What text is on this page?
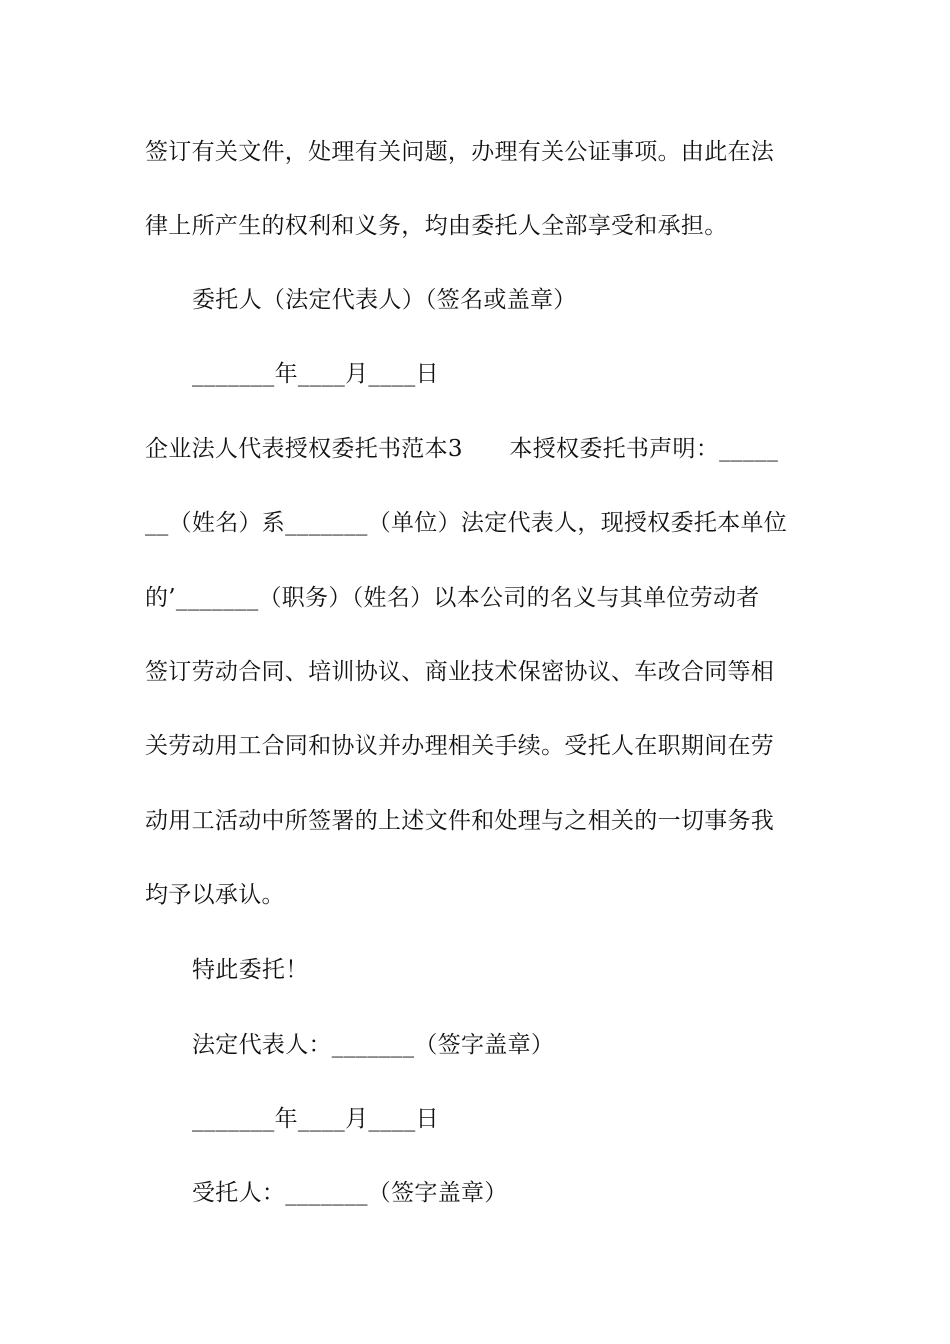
签订有关文件，处理有关问题，办理有关公证事项。由此在法
律上所产生的权利和义务，均由委托人全部享受和承担。
委托人（法定代表人）（签名或盖章）
_______年____月____日
企业法人代表授权委托书范本3　　本授权委托书声明：_____
__（姓名）系_______（单位）法定代表人，现授权委托本单位
的’_______（职务）（姓名）以本公司的名义与其单位劳动者
签订劳动合同、培训协议、商业技术保密协议、车改合同等相
关劳动用工合同和协议并办理相关手续。受托人在职期间在劳
动用工活动中所签署的上述文件和处理与之相关的一切事务我
均予以承认。
特此委托！
法定代表人：_______（签字盖章）
_______年____月____日
受托人：_______（签字盖章）
